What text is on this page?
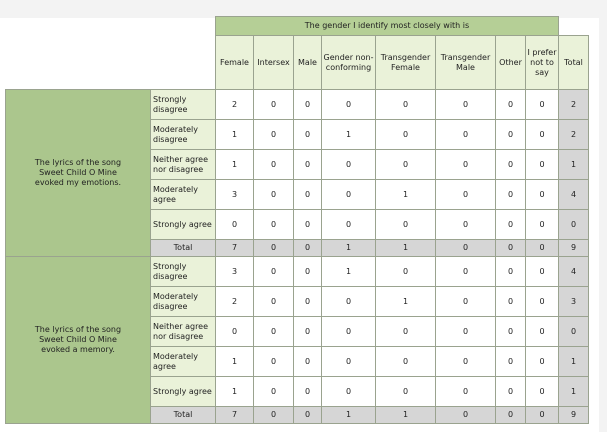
		The gender I identify most closely with is								
		Female	Intersex	Male	Gender non-conforming	Transgender Female	Transgender Male	Other	I prefer not to say	Total
The lyrics of the song Sweet Child O Mine evoked my emotions.	Strongly disagree	2	0	0	0	0	0	0	0	2
	Moderately disagree	1	0	0	1	0	0	0	0	2
	Neither agree nor disagree	1	0	0	0	0	0	0	0	1
	Moderately agree	3	0	0	0	1	0	0	0	4
	Strongly agree	0	0	0	0	0	0	0	0	0
	Total	7	0	0	1	1	0	0	0	9
The lyrics of the song Sweet Child O Mine evoked a memory.	Strongly disagree	3	0	0	1	0	0	0	0	4
	Moderately disagree	2	0	0	0	1	0	0	0	3
	Neither agree nor disagree	0	0	0	0	0	0	0	0	0
	Moderately agree	1	0	0	0	0	0	0	0	1
	Strongly agree	1	0	0	0	0	0	0	0	1
	Total	7	0	0	1	1	0	0	0	9
